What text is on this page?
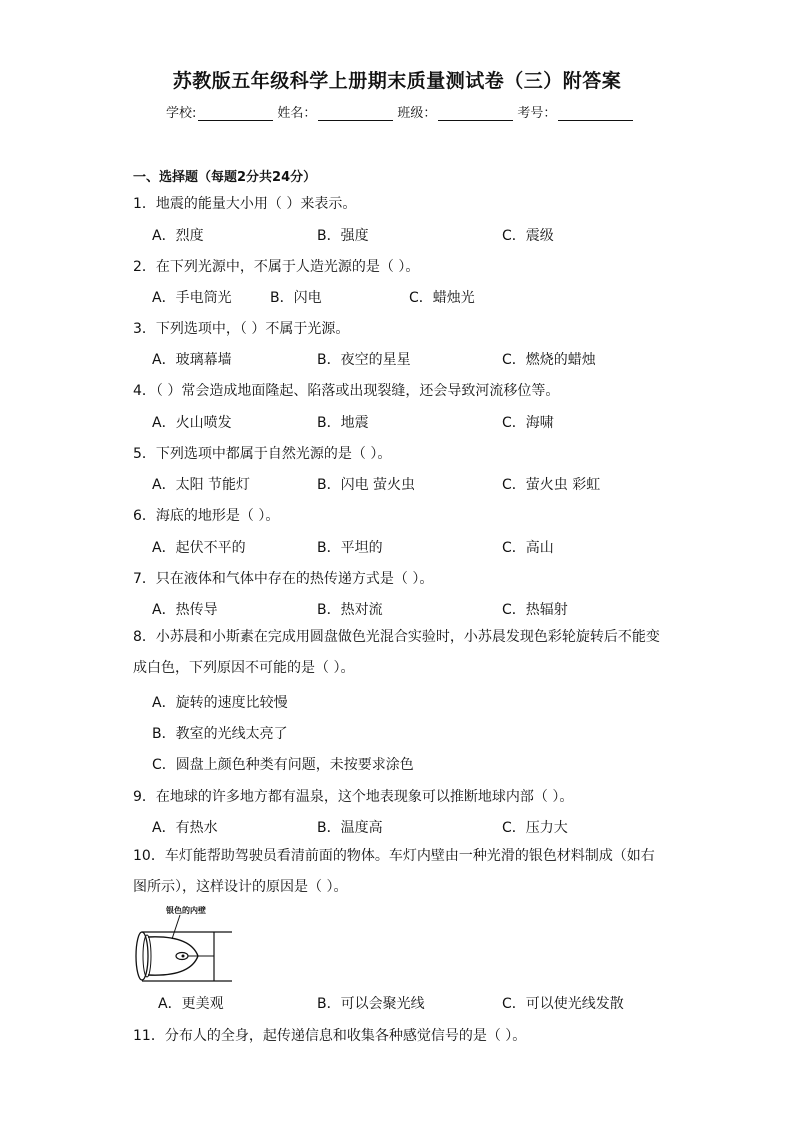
苏教版五年级科学上册期末质量测试卷（三）附答案
学校:	姓名：	班级：	考号：
一、选择题（每题2分共24分）
1．地震的能量大小用（ ）来表示。
A．烈度	B．强度	C．震级
2．在下列光源中，不属于人造光源的是（ ）。
A．手电筒光	B．闪电	C．蜡烛光
3．下列选项中，（ ）不属于光源。
A．玻璃幕墙	B．夜空的星星	C．燃烧的蜡烛
4．（ ）常会造成地面隆起、陷落或出现裂缝，还会导致河流移位等。
A．火山喷发	B．地震	C．海啸
5．下列选项中都属于自然光源的是（ ）。
A．太阳 节能灯	B．闪电 萤火虫	C．萤火虫 彩虹
6．海底的地形是（ ）。
A．起伏不平的	B．平坦的	C．高山
7．只在液体和气体中存在的热传递方式是（ ）。
A．热传导	B．热对流	C．热辐射
8．小苏晨和小斯素在完成用圆盘做色光混合实验时，小苏晨发现色彩轮旋转后不能变成白色，下列原因不可能的是（ ）。
A．旋转的速度比较慢
B．教室的光线太亮了
C．圆盘上颜色种类有问题，未按要求涂色
9．在地球的许多地方都有温泉，这个地表现象可以推断地球内部（ ）。
A．有热水	B．温度高	C．压力大
10．车灯能帮助驾驶员看清前面的物体。车灯内壁由一种光滑的银色材料制成（如右图所示），这样设计的原因是（ ）。
银色的内壁
A．更美观	B．可以会聚光线	C．可以使光线发散
11．分布人的全身，起传递信息和收集各种感觉信号的是（ ）。
